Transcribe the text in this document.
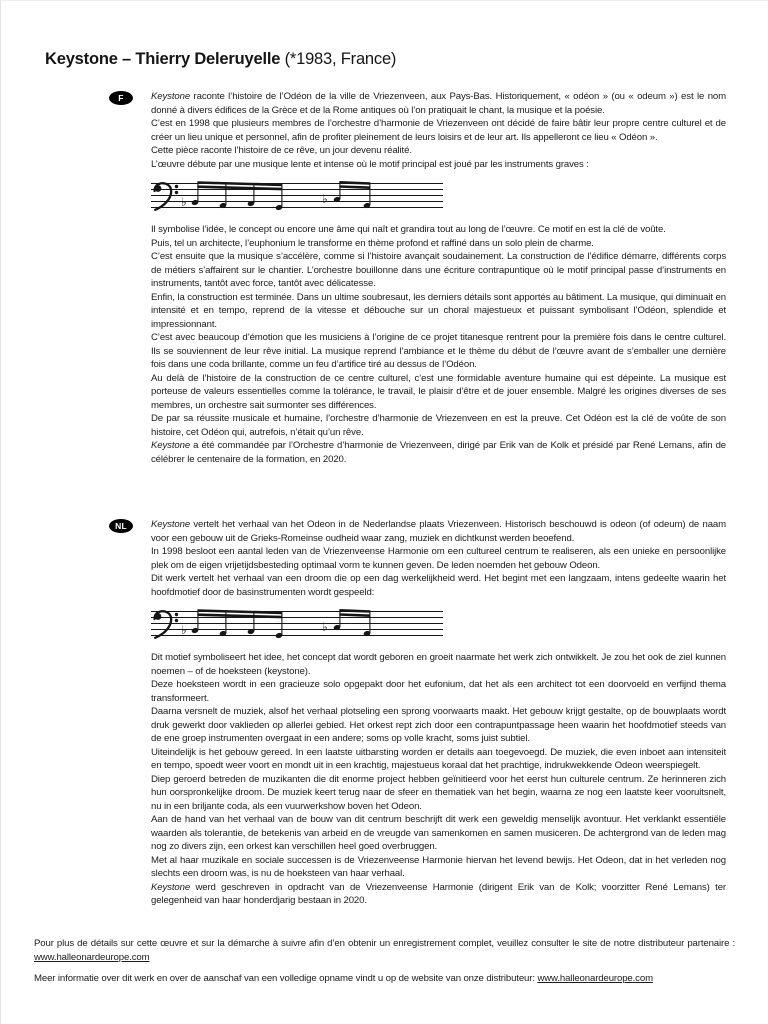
Keystone – Thierry Deleruyelle (*1983, France)
F	Keystone raconte l’histoire de l’Odéon de la ville de Vriezenveen, aux Pays-Bas. Historiquement, « odéon » (ou « odeum ») est le nom donné à divers édifices de la Grèce et de la Rome antiques où l’on pratiquait le chant, la musique et la poésie.

C’est en 1998 que plusieurs membres de l’orchestre d’harmonie de Vriezenveen ont décidé de faire bâtir leur propre centre culturel et de créer un lieu unique et personnel, afin de profiter pleinement de leurs loisirs et de leur art. Ils appelleront ce lieu « Odéon ».

Cette pièce raconte l’histoire de ce rêve, un jour devenu réalité.

L’œuvre débute par une musique lente et intense où le motif principal est joué par les instruments graves :

♭	♭

Il symbolise l’idée, le concept ou encore une âme qui naît et grandira tout au long de l’œuvre. Ce motif en est la clé de voûte.

Puis, tel un architecte, l’euphonium le transforme en thème profond et raffiné dans un solo plein de charme.

C’est ensuite que la musique s’accélère, comme si l’histoire avançait soudainement. La construction de l’édifice démarre, différents corps de métiers s’affairent sur le chantier. L’orchestre bouillonne dans une écriture contrapuntique où le motif principal passe d’instruments en instruments, tantôt avec force, tantôt avec délicatesse.

Enfin, la construction est terminée. Dans un ultime soubresaut, les derniers détails sont apportés au bâtiment. La musique, qui diminuait en intensité et en tempo, reprend de la vitesse et débouche sur un choral majestueux et puissant symbolisant l’Odéon, splendide et impressionnant.

C’est avec beaucoup d’émotion que les musiciens à l’origine de ce projet titanesque rentrent pour la première fois dans le centre culturel. Ils se souviennent de leur rêve initial. La musique reprend l’ambiance et le thème du début de l’œuvre avant de s’emballer une dernière fois dans une coda brillante, comme un feu d’artifice tiré au dessus de l’Odéon.

Au delà de l’histoire de la construction de ce centre culturel, c’est une formidable aventure humaine qui est dépeinte. La musique est porteuse de valeurs essentielles comme la tolérance, le travail, le plaisir d’être et de jouer ensemble. Malgré les origines diverses de ses membres, un orchestre sait surmonter ses différences.

De par sa réussite musicale et humaine, l’orchestre d’harmonie de Vriezenveen en est la preuve. Cet Odéon est la clé de voûte de son histoire, cet Odéon qui, autrefois, n’était qu’un rêve.

Keystone a été commandée par l’Orchestre d’harmonie de Vriezenveen, dirigé par Erik van de Kolk et présidé par René Lemans, afin de célébrer le centenaire de la formation, en 2020.

NL	Keystone vertelt het verhaal van het Odeon in de Nederlandse plaats Vriezenveen. Historisch beschouwd is odeon (of odeum) de naam voor een gebouw uit de Grieks-Romeinse oudheid waar zang, muziek en dichtkunst werden beoefend.

In 1998 besloot een aantal leden van de Vriezenveense Harmonie om een cultureel centrum te realiseren, als een unieke en persoonlijke plek om de eigen vrijetijdsbesteding optimaal vorm te kunnen geven. De leden noemden het gebouw Odeon.

Dit werk vertelt het verhaal van een droom die op een dag werkelijkheid werd. Het begint met een langzaam, intens gedeelte waarin het hoofdmotief door de basinstrumenten wordt gespeeld:

♭	♭

Dit motief symboliseert het idee, het concept dat wordt geboren en groeit naarmate het werk zich ontwikkelt. Je zou het ook de ziel kunnen noemen – of de hoeksteen (keystone).

Deze hoeksteen wordt in een gracieuze solo opgepakt door het eufonium, dat het als een architect tot een doorvoeld en verfijnd thema transformeert.

Daarna versnelt de muziek, alsof het verhaal plotseling een sprong voorwaarts maakt. Het gebouw krijgt gestalte, op de bouwplaats wordt druk gewerkt door vaklieden op allerlei gebied. Het orkest rept zich door een contrapuntpassage heen waarin het hoofdmotief steeds van de ene groep instrumenten overgaat in een andere; soms op volle kracht, soms juist subtiel.

Uiteindelijk is het gebouw gereed. In een laatste uitbarsting worden er details aan toegevoegd. De muziek, die even inboet aan intensiteit en tempo, spoedt weer voort en mondt uit in een krachtig, majestueus koraal dat het prachtige, indrukwekkende Odeon weerspiegelt.

Diep geroerd betreden de muzikanten die dit enorme project hebben geïnitieerd voor het eerst hun culturele centrum. Ze herinneren zich hun oorspronkelijke droom. De muziek keert terug naar de sfeer en thematiek van het begin, waarna ze nog een laatste keer vooruitsnelt, nu in een briljante coda, als een vuurwerkshow boven het Odeon.

Aan de hand van het verhaal van de bouw van dit centrum beschrijft dit werk een geweldig menselijk avontuur. Het verklankt essentiële waarden als tolerantie, de betekenis van arbeid en de vreugde van samenkomen en samen musiceren. De achtergrond van de leden mag nog zo divers zijn, een orkest kan verschillen heel goed overbruggen.

Met al haar muzikale en sociale successen is de Vriezenveense Harmonie hiervan het levend bewijs. Het Odeon, dat in het verleden nog slechts een droom was, is nu de hoeksteen van haar verhaal.

Keystone werd geschreven in opdracht van de Vriezenveense Harmonie (dirigent Erik van de Kolk; voorzitter René Lemans) ter gelegenheid van haar honderdjarig bestaan in 2020.

Pour plus de détails sur cette œuvre et sur la démarche à suivre afin d’en obtenir un enregistrement complet, veuillez consulter le site de notre distributeur partenaire : www.halleonardeurope.com

Meer informatie over dit werk en over de aanschaf van een volledige opname vindt u op de website van onze distributeur: www.halleonardeurope.com
